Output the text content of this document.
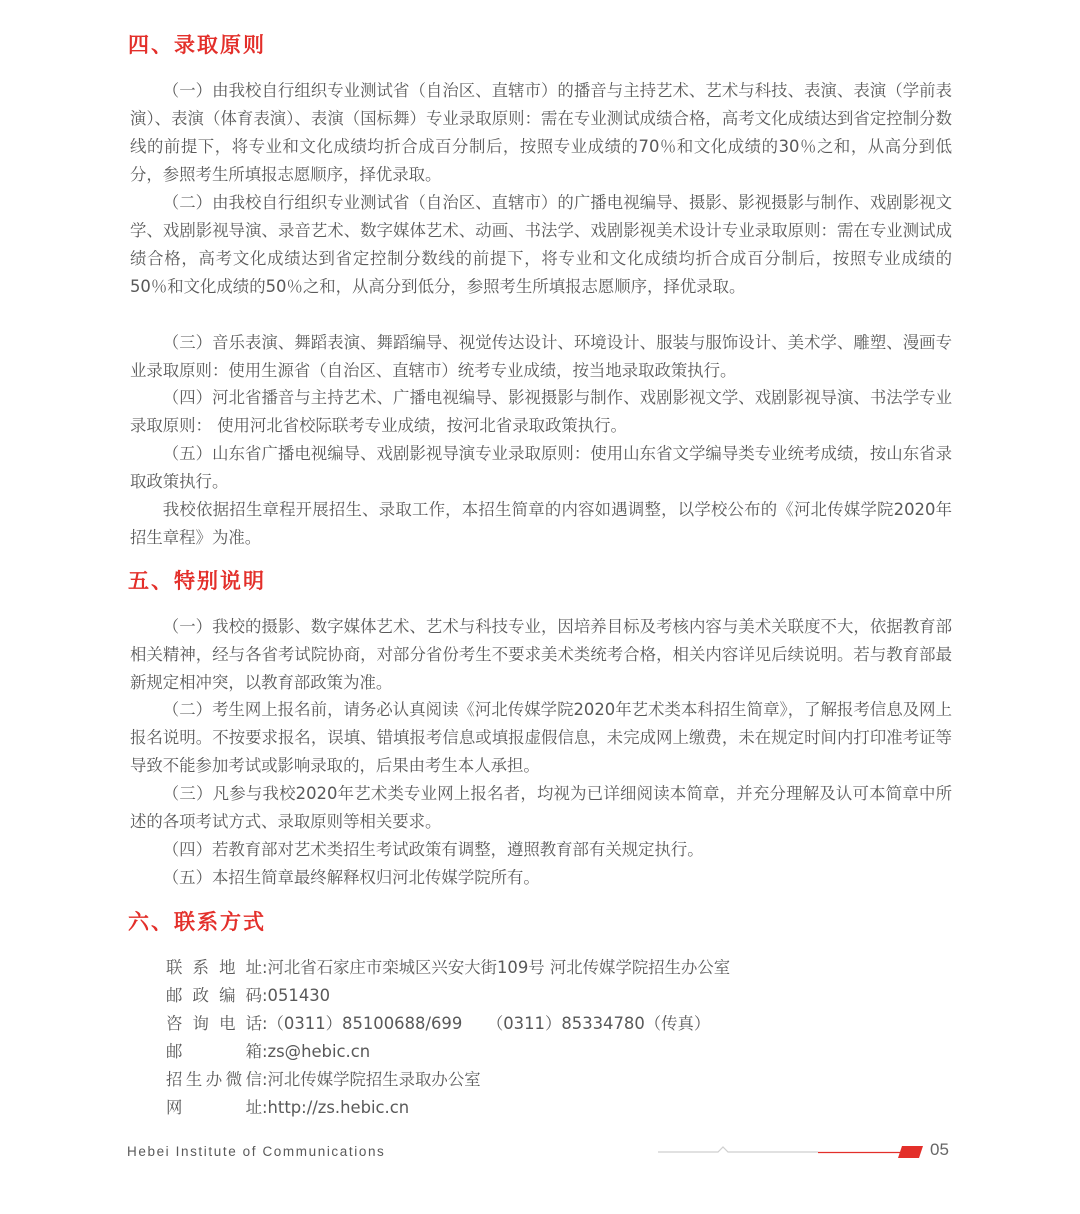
四、录取原则

（一）由我校自行组织专业测试省（自治区、直辖市）的播音与主持艺术、艺术与科技、表演、表演（学前表演）、表演（体育表演）、表演（国标舞）专业录取原则：需在专业测试成绩合格，高考文化成绩达到省定控制分数线的前提下，将专业和文化成绩均折合成百分制后，按照专业成绩的70％和文化成绩的30％之和，从高分到低分，参照考生所填报志愿顺序，择优录取。

（二）由我校自行组织专业测试省（自治区、直辖市）的广播电视编导、摄影、影视摄影与制作、戏剧影视文学、戏剧影视导演、录音艺术、数字媒体艺术、动画、书法学、戏剧影视美术设计专业录取原则：需在专业测试成绩合格，高考文化成绩达到省定控制分数线的前提下，将专业和文化成绩均折合成百分制后，按照专业成绩的50％和文化成绩的50％之和，从高分到低分，参照考生所填报志愿顺序，择优录取。

（三）音乐表演、舞蹈表演、舞蹈编导、视觉传达设计、环境设计、服装与服饰设计、美术学、雕塑、漫画专业录取原则：使用生源省（自治区、直辖市）统考专业成绩，按当地录取政策执行。

（四）河北省播音与主持艺术、广播电视编导、影视摄影与制作、戏剧影视文学、戏剧影视导演、书法学专业录取原则： 使用河北省校际联考专业成绩，按河北省录取政策执行。

（五）山东省广播电视编导、戏剧影视导演专业录取原则：使用山东省文学编导类专业统考成绩，按山东省录取政策执行。

我校依据招生章程开展招生、录取工作，本招生简章的内容如遇调整，以学校公布的《河北传媒学院2020年招生章程》为准。

五、特别说明

（一）我校的摄影、数字媒体艺术、艺术与科技专业，因培养目标及考核内容与美术关联度不大，依据教育部相关精神，经与各省考试院协商，对部分省份考生不要求美术类统考合格，相关内容详见后续说明。若与教育部最新规定相冲突，以教育部政策为准。

（二）考生网上报名前，请务必认真阅读《河北传媒学院2020年艺术类本科招生简章》，了解报考信息及网上报名说明。不按要求报名，误填、错填报考信息或填报虚假信息，未完成网上缴费，未在规定时间内打印准考证等导致不能参加考试或影响录取的，后果由考生本人承担。

（三）凡参与我校2020年艺术类专业网上报名者，均视为已详细阅读本简章，并充分理解及认可本简章中所述的各项考试方式、录取原则等相关要求。

（四）若教育部对艺术类招生考试政策有调整，遵照教育部有关规定执行。

（五）本招生简章最终解释权归河北传媒学院所有。

六、联系方式
联系地址 : 河北省石家庄市栾城区兴安大街109号 河北传媒学院招生办公室
邮政编码 : 051430
咨询电话 : （0311）85100688/699　　（0311）85334780（传真）
邮箱 : zs@hebic.cn
招生办微信 : 河北传媒学院招生录取办公室
网址 : http://zs.hebic.cn
Hebei Institute of Communications	05
